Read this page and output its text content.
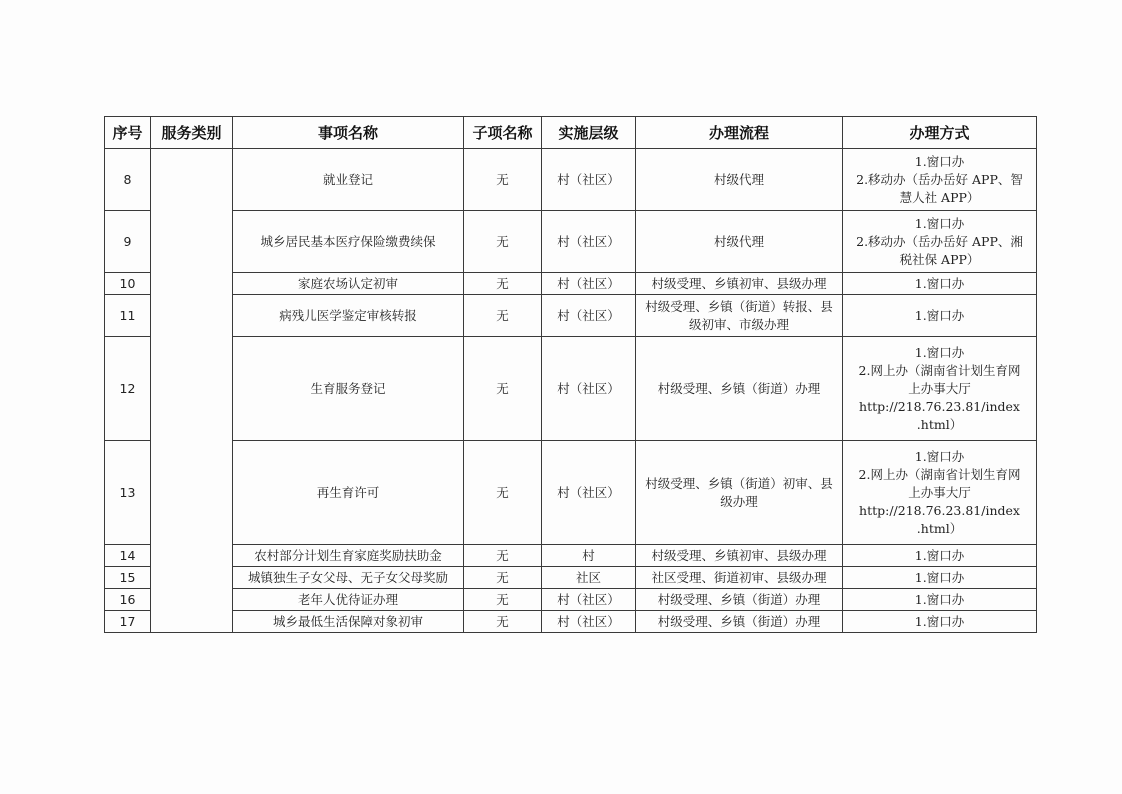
序号	服务类别	事项名称	子项名称	实施层级	办理流程	办理方式
8		就业登记	无	村（社区）	村级代理	1.窗口办
2.移动办（岳办岳好 APP、智
慧人社 APP）

9		城乡居民基本医疗保险缴费续保	无	村（社区）	村级代理	1.窗口办
2.移动办（岳办岳好 APP、湘
税社保 APP）

10		家庭农场认定初审	无	村（社区）	村级受理、乡镇初审、县级办理	1.窗口办

11		病残儿医学鉴定审核转报	无	村（社区）	村级受理、乡镇（街道）转报、县级初审、市级办理	1.窗口办

12		生育服务登记	无	村（社区）	村级受理、乡镇（街道）办理	1.窗口办
2.网上办（湖南省计划生育网
上办事大厅
http://218.76.23.81/index
.html）

13		再生育许可	无	村（社区）	村级受理、乡镇（街道）初审、县级办理	1.窗口办
2.网上办（湖南省计划生育网
上办事大厅
http://218.76.23.81/index
.html）

14		农村部分计划生育家庭奖励扶助金	无	村	村级受理、乡镇初审、县级办理	1.窗口办

15		城镇独生子女父母、无子女父母奖励	无	社区	社区受理、街道初审、县级办理	1.窗口办

16		老年人优待证办理	无	村（社区）	村级受理、乡镇（街道）办理	1.窗口办

17		城乡最低生活保障对象初审	无	村（社区）	村级受理、乡镇（街道）办理	1.窗口办
